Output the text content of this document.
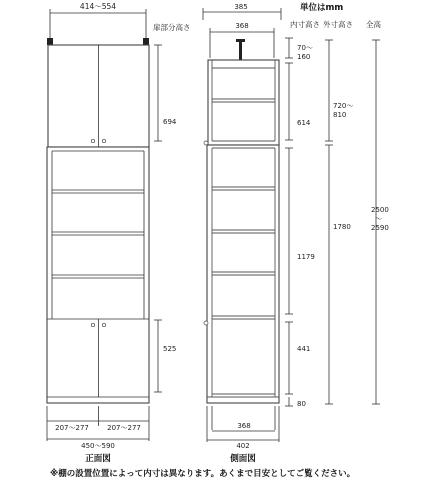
414～554
扉部分高さ
694
525
207～277	207～277
450～590
正面図
385
368
単位はmm
内寸高さ 外寸高さ 全高
70～ 160
614
1179
441
80
720～ 810
1780
2500 ～ 2590
368
402
側面図
※棚の設置位置によって内寸は異なります。あくまで目安としてご覧ください。
